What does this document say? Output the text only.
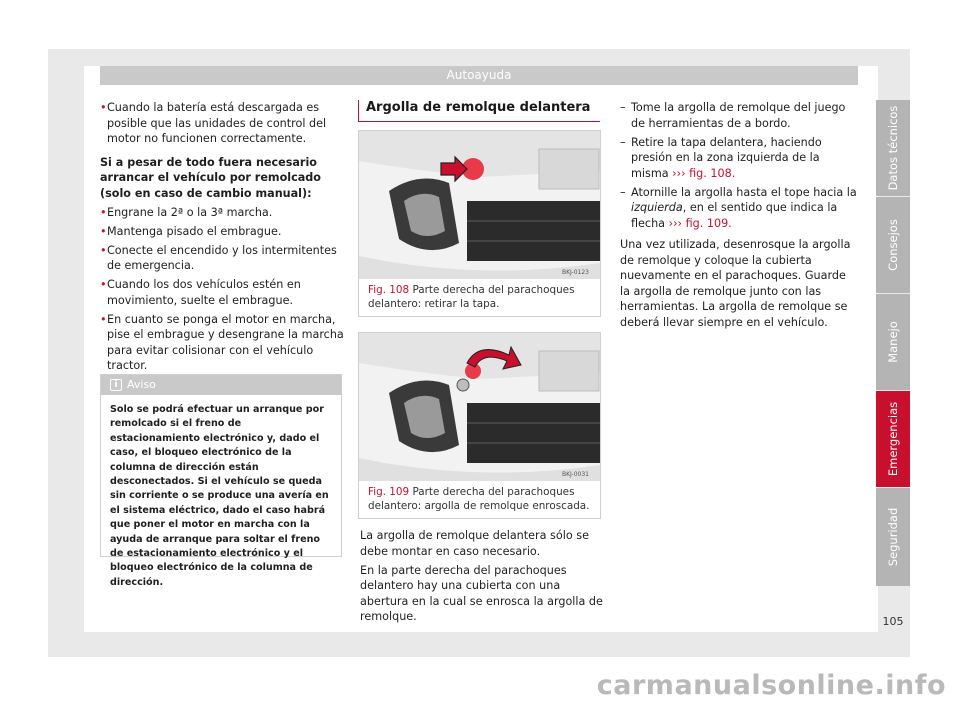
Autoayuda

• Cuando la batería está descargada es posible que las unidades de control del motor no funcionen correctamente.

Si a pesar de todo fuera necesario arrancar el vehículo por remolcado (solo en caso de cambio manual):

• Engrane la 2ª o la 3ª marcha.

• Mantenga pisado el embrague.

• Conecte el encendido y los intermitentes de emergencia.

• Cuando los dos vehículos estén en movimiento, suelte el embrague.

• En cuanto se ponga el motor en marcha, pise el embrague y desengrane la marcha para evitar colisionar con el vehículo tractor.

i Aviso
Solo se podrá efectuar un arranque por remolcado si el freno de estacionamiento electrónico y, dado el caso, el bloqueo electrónico de la columna de dirección están desconectados. Si el vehículo se queda sin corriente o se produce una avería en el sistema eléctrico, dado el caso habrá que poner el motor en marcha con la ayuda de arranque para soltar el freno de estacionamiento electrónico y el bloqueo electrónico de la columna de dirección.
Argolla de remolque delantera
BKJ-0123
Fig. 108 Parte derecha del parachoques delantero: retirar la tapa.
BKJ-0031
Fig. 109 Parte derecha del parachoques delantero: argolla de remolque enroscada.

La argolla de remolque delantera sólo se debe montar en caso necesario.

En la parte derecha del parachoques delantero hay una cubierta con una abertura en la cual se enrosca la argolla de remolque.

– Tome la argolla de remolque del juego de herramientas de a bordo.

– Retire la tapa delantera, haciendo presión en la zona izquierda de la misma ››› fig. 108.

– Atornille la argolla hasta el tope hacia la izquierda, en el sentido que indica la flecha ››› fig. 109.

Una vez utilizada, desenrosque la argolla de remolque y coloque la cubierta nuevamente en el parachoques. Guarde la argolla de remolque junto con las herramientas. La argolla de remolque se deberá llevar siempre en el vehículo.

Datos técnicos
Consejos
Manejo
Emergencias
Seguridad
105
carmanualsonline.info
